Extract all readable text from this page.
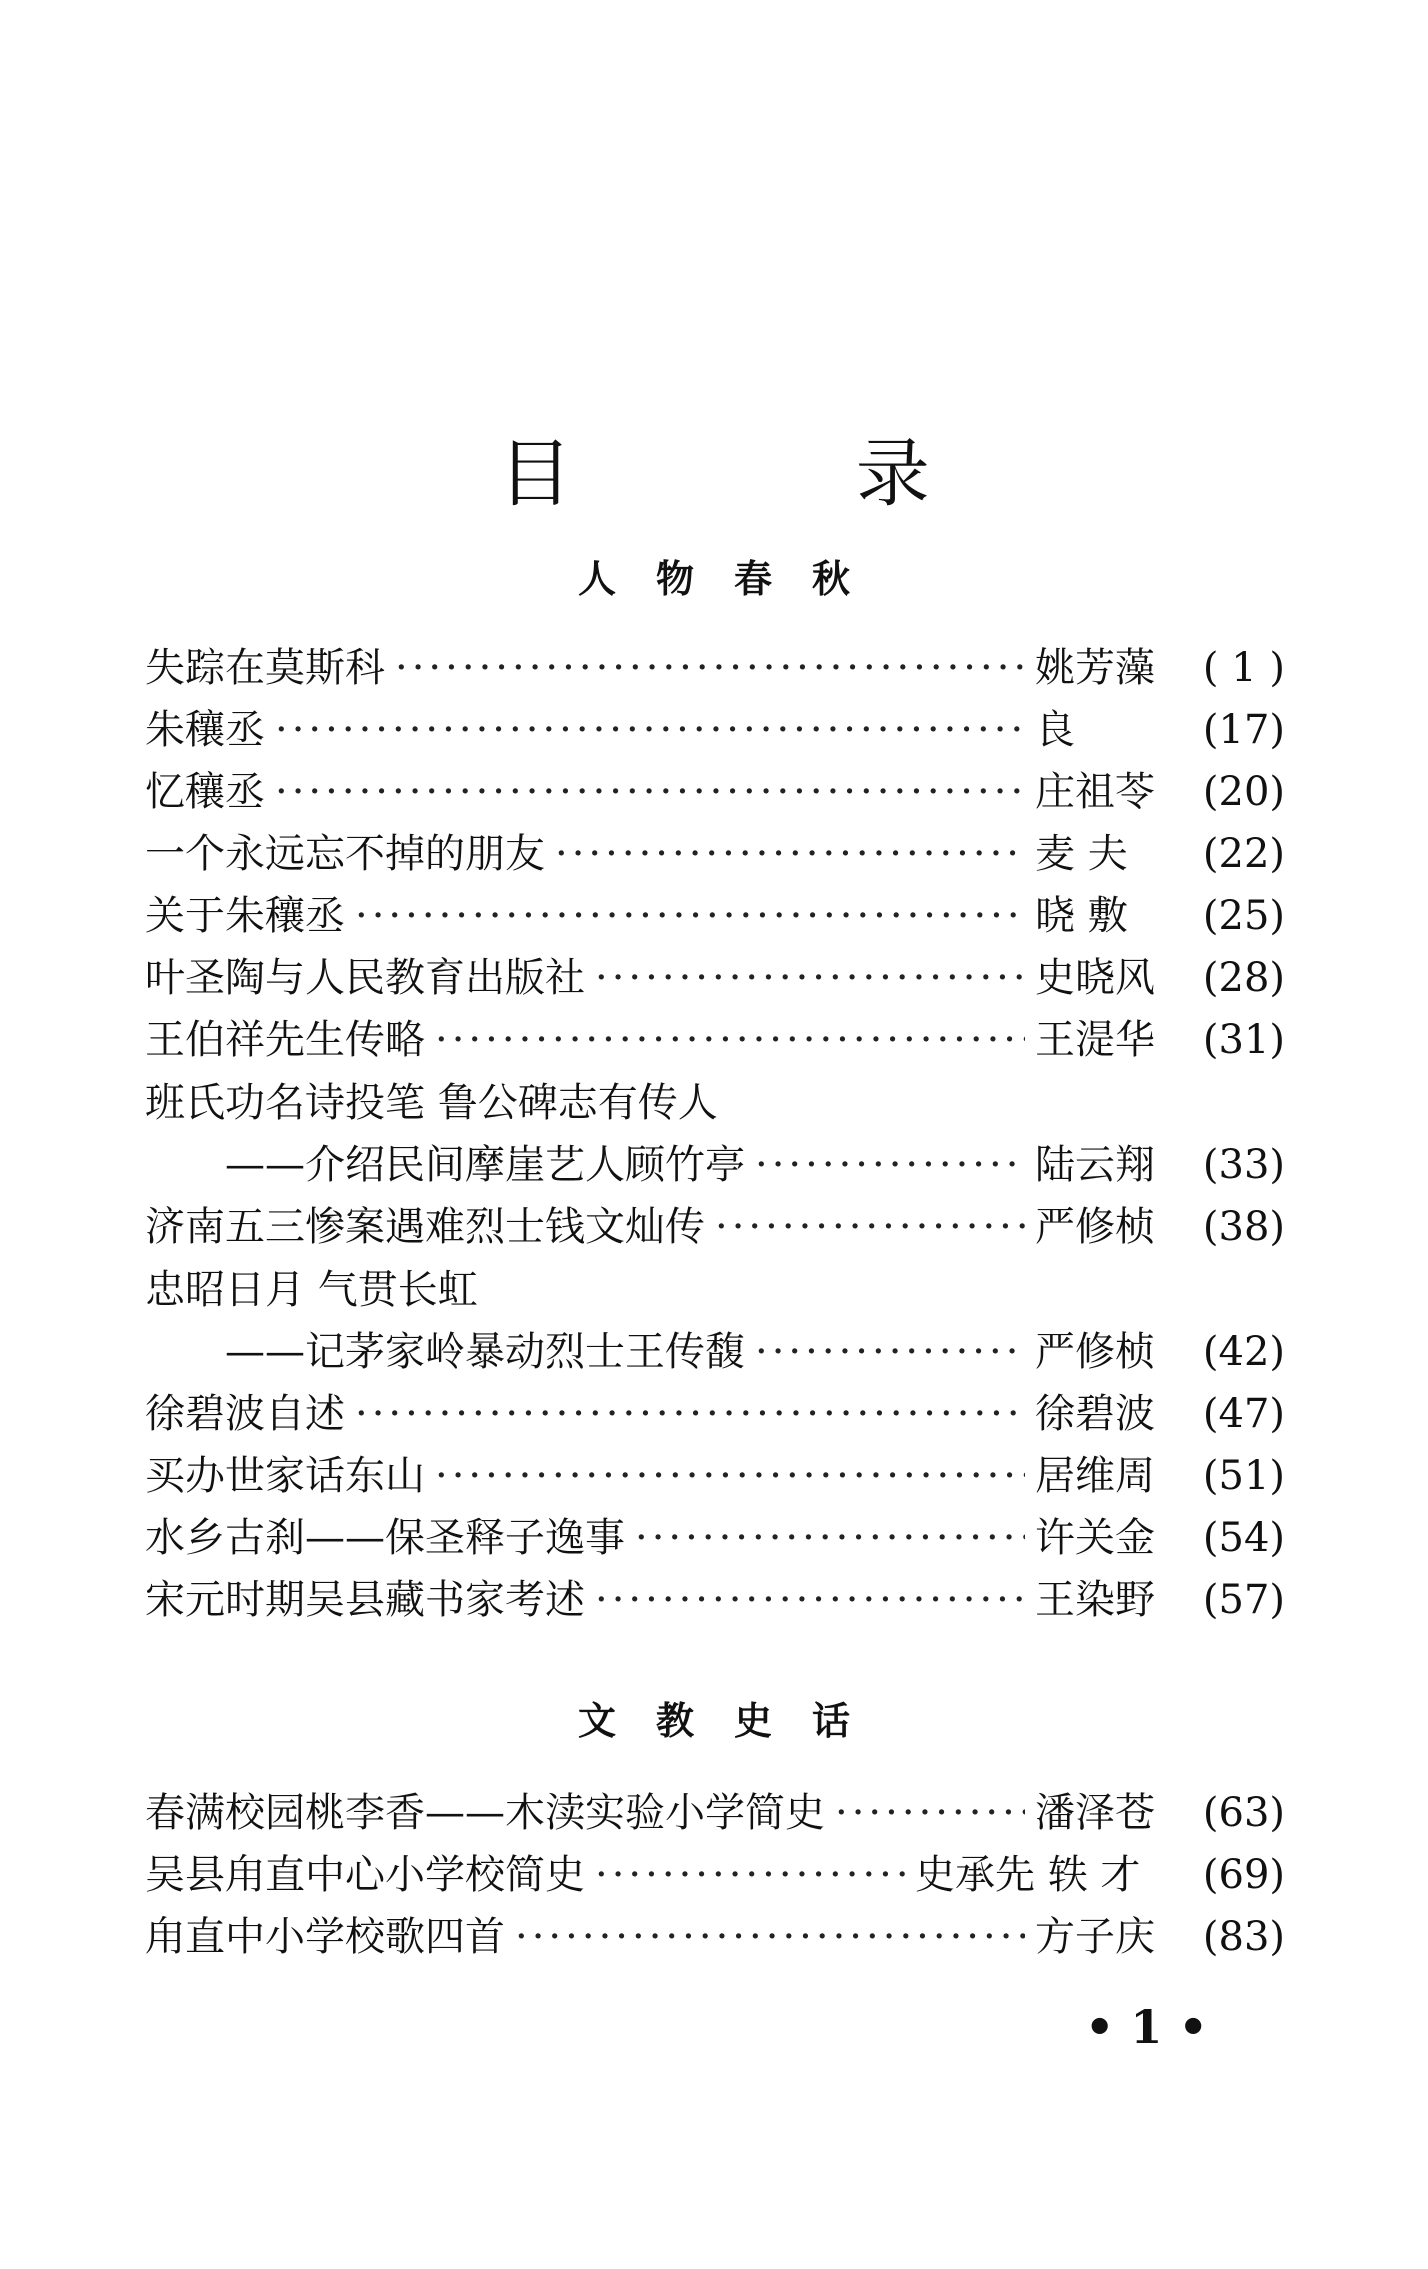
目 录
人物春秋
失踪在莫斯科 ·····	姚芳藻	( 1 )
朱穰丞 ·····	良	(17)
忆穰丞 ·····	庄祖苓	(20)
一个永远忘不掉的朋友 ·····	麦 夫	(22)
关于朱穰丞 ·····	晓 敷	(25)
叶圣陶与人民教育出版社 ·····	史晓风	(28)
王伯祥先生传略 ·····	王湜华	(31)
班氏功名诗投笔 鲁公碑志有传人
——介绍民间摩崖艺人顾竹亭 ·····	陆云翔	(33)
济南五三惨案遇难烈士钱文灿传 ·····	严修桢	(38)
忠昭日月 气贯长虹
——记茅家岭暴动烈士王传馥 ·····	严修桢	(42)
徐碧波自述 ·····	徐碧波	(47)
买办世家话东山 ·····	居维周	(51)
水乡古刹——保圣释子逸事 ·····	许关金	(54)
宋元时期吴县藏书家考述 ·····	王染野	(57)
文教史话
春满校园桃李香——木渎实验小学简史 ·····	潘泽苍	(63)
吴县甪直中心小学校简史 ·····	史承先 轶 才	(69)
甪直中小学校歌四首 ·····	方子庆	(83)
• 1 •
